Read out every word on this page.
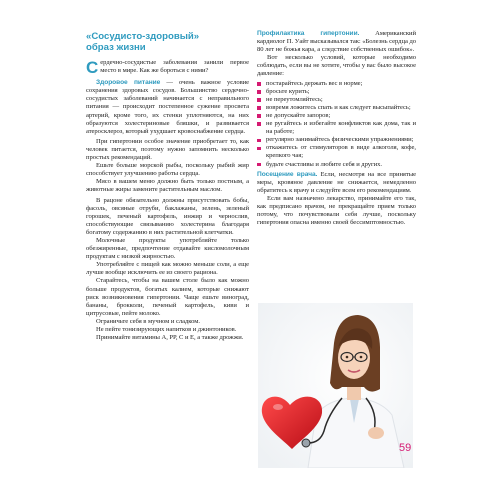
«Сосудисто-здоровый»
образ жизни
С ердечно-сосудистые заболевания занили первое место в мире. Как же бороться с ними?

Здоровое питание — очень важное условие сохранения здоровых сосудов. Большинство сердечно-сосудистых заболеваний начинается с неправильного питания — происходит постепенное сужение просвета артерий, кроме того, их стенки уплотняются, на них образуются холестериновые бляшки, и развивается атеросклероз, который ухудшает кровоснабжение сердца.

При гипертонии особое значение приобретает то, как человек питается, поэтому нужно запомнить несколько простых рекомендаций.

Ешьте больше морской рыбы, поскольку рыбий жир способствует улучшению работы сердца.

Мясо в вашем меню должно быть только постным, а животные жиры замените растительным маслом.

В рацоне обязательно должны присутствовать бобы, фасоль, овсяные отруби, баклажаны, зелень, зеленый горошек, печеный картофель, инжир и чернослив, способствующие связыванию холестерина благодаря богатому содержанию в них растительной клетчатки.

Молочные продукты употребляйте только обезжиренные, предпочтение отдавайте кисломолочным продуктам с низкой жирностью.

Употребляйте с пищей как можно меньше соли, а еще лучше вообще исключить ее из своего рациона.

Старайтесь, чтобы на вашем столе было как можно больше продуктов, богатых калием, которые снижают риск возникновения гипертонии. Чаще ешьте виноград, бананы, брокколи, печеный картофель, киви и цитрусовые, пейте молоко.

Ограничьте себя в мучном и сладком.

Не пейте тонизирующих напитков и джинтоников.

Принимайте витамины А, РР, С и Е, а также дрожжи.

Профилактика гипертонии. Американский кардиолог П. Уайт высказывался так: «Болезнь сердца до 80 лет не божья кара, а следствие собственных ошибок».

Вот несколько условий, которые необходимо соблюдать, если вы не хотите, чтобы у вас было высокое давление:

постарайтесь держать вес в норме;
бросьте курить;
не переутомляйтесь;
вовремя ложитесь спать и как следует высыпайтесь;
не допускайте запоров;
не ругайтесь и избегайте конфликтов как дома, так и на работе;
регулярно занимайтесь физическими упражнениями;
откажитесь от стимуляторов в виде алкоголя, кофе, крепкого чая;
будьте счастливы и любите себя и других.

Посещение врача. Если, несмотря на все принятые меры, кровяное давление не снижается, немедленно обратитесь к врачу и следуйте всем его рекомендациям.

Если вам назначено лекарство, принимайте его так, как предписано врачом, не прекращайте прием только потому, что почувствовали себя лучше, поскольку гипертония опасна именно своей бессимптомностью.

59
